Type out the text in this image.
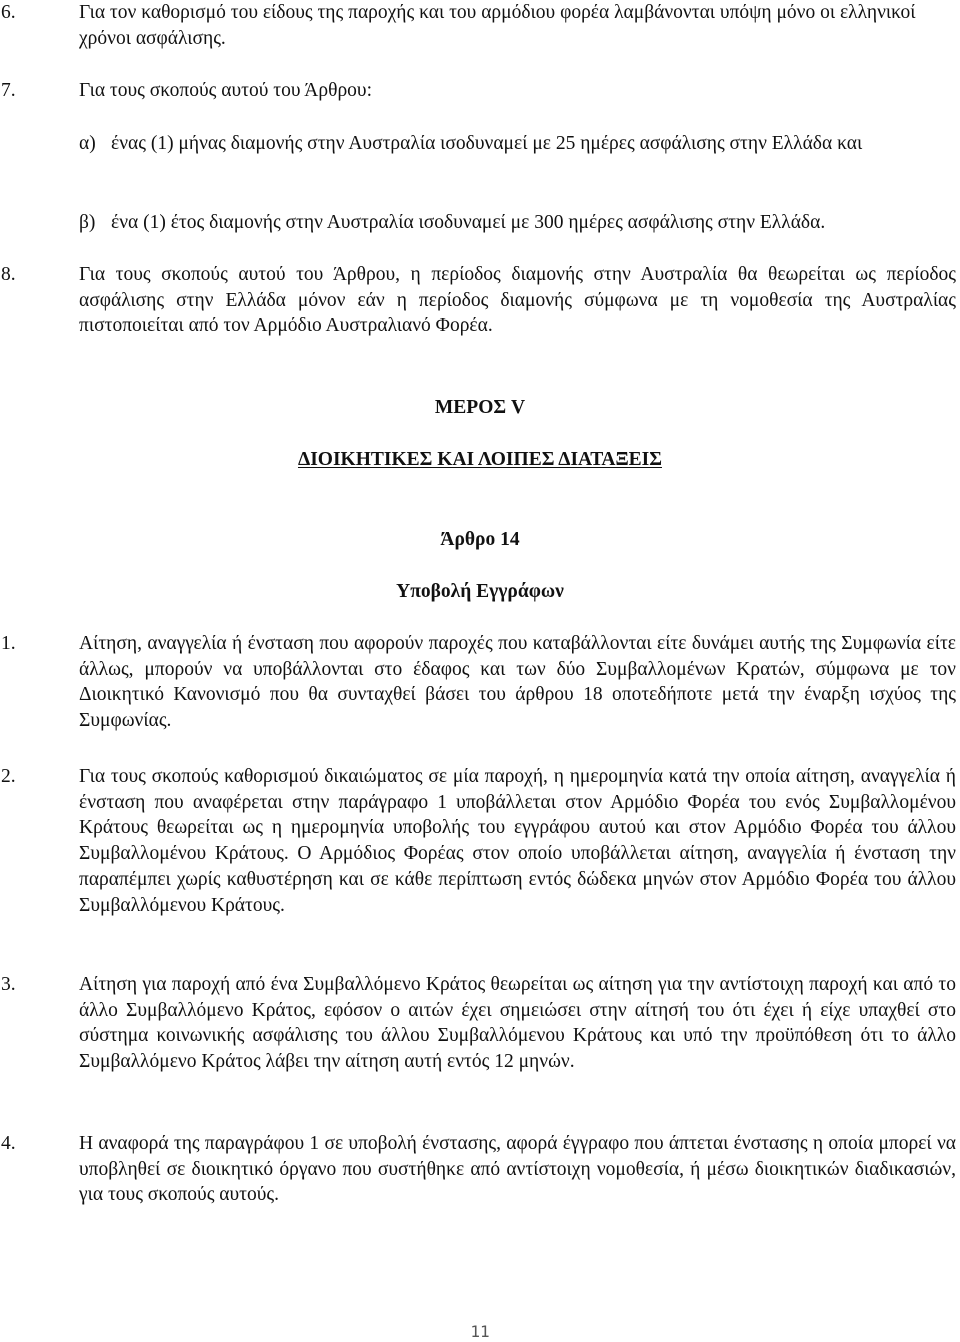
6.	Για τον καθορισμό του είδους της παροχής και του αρμόδιου φορέα λαμβάνονται υπόψη μόνο οι ελληνικοί χρόνοι ασφάλισης.
7.	Για τους σκοπούς αυτού του Άρθρου:
α) ένας (1) μήνας διαμονής στην Αυστραλία ισοδυναμεί με 25 ημέρες ασφάλισης στην Ελλάδα και
β) ένα (1) έτος διαμονής στην Αυστραλία ισοδυναμεί με 300 ημέρες ασφάλισης στην Ελλάδα.
8.	Για τους σκοπούς αυτού του Άρθρου, η περίοδος διαμονής στην Αυστραλία θα θεωρείται ως περίοδος ασφάλισης στην Ελλάδα μόνον εάν η περίοδος διαμονής σύμφωνα με τη νομοθεσία της Αυστραλίας πιστοποιείται από τον Αρμόδιο Αυστραλιανό Φορέα.
ΜΕΡΟΣ V
ΔΙΟΙΚΗΤΙΚΕΣ ΚΑΙ ΛΟΙΠΕΣ ΔΙΑΤΑΞΕΙΣ
Άρθρο 14
Υποβολή Εγγράφων
1.	Αίτηση, αναγγελία ή ένσταση που αφορούν παροχές που καταβάλλονται είτε δυνάμει αυτής της Συμφωνία είτε άλλως, μπορούν να υποβάλλονται στο έδαφος και των δύο Συμβαλλομένων Κρατών, σύμφωνα με τον Διοικητικό Κανονισμό που θα συνταχθεί βάσει του άρθρου 18 οποτεδήποτε μετά την έναρξη ισχύος της Συμφωνίας.
2.	Για τους σκοπούς καθορισμού δικαιώματος σε μία παροχή, η ημερομηνία κατά την οποία αίτηση, αναγγελία ή ένσταση που αναφέρεται στην παράγραφο 1 υποβάλλεται στον Αρμόδιο Φορέα του ενός Συμβαλλομένου Κράτους θεωρείται ως η ημερομηνία υποβολής του εγγράφου αυτού και στον Αρμόδιο Φορέα του άλλου Συμβαλλομένου Κράτους. Ο Αρμόδιος Φορέας στον οποίο υποβάλλεται αίτηση, αναγγελία ή ένσταση την παραπέμπει χωρίς καθυστέρηση και σε κάθε περίπτωση εντός δώδεκα μηνών στον Αρμόδιο Φορέα του άλλου Συμβαλλόμενου Κράτους.
3.	Αίτηση για παροχή από ένα Συμβαλλόμενο Κράτος θεωρείται ως αίτηση για την αντίστοιχη παροχή και από το άλλο Συμβαλλόμενο Κράτος, εφόσον ο αιτών έχει σημειώσει στην αίτησή του ότι έχει ή είχε υπαχθεί στο σύστημα κοινωνικής ασφάλισης του άλλου Συμβαλλόμενου Κράτους και υπό την προϋπόθεση ότι το άλλο Συμβαλλόμενο Κράτος λάβει την αίτηση αυτή εντός 12 μηνών.
4.	Η αναφορά της παραγράφου 1 σε υποβολή ένστασης, αφορά έγγραφο που άπτεται ένστασης η οποία μπορεί να υποβληθεί σε διοικητικό όργανο που συστήθηκε από αντίστοιχη νομοθεσία, ή μέσω διοικητικών διαδικασιών, για τους σκοπούς αυτούς.
11
